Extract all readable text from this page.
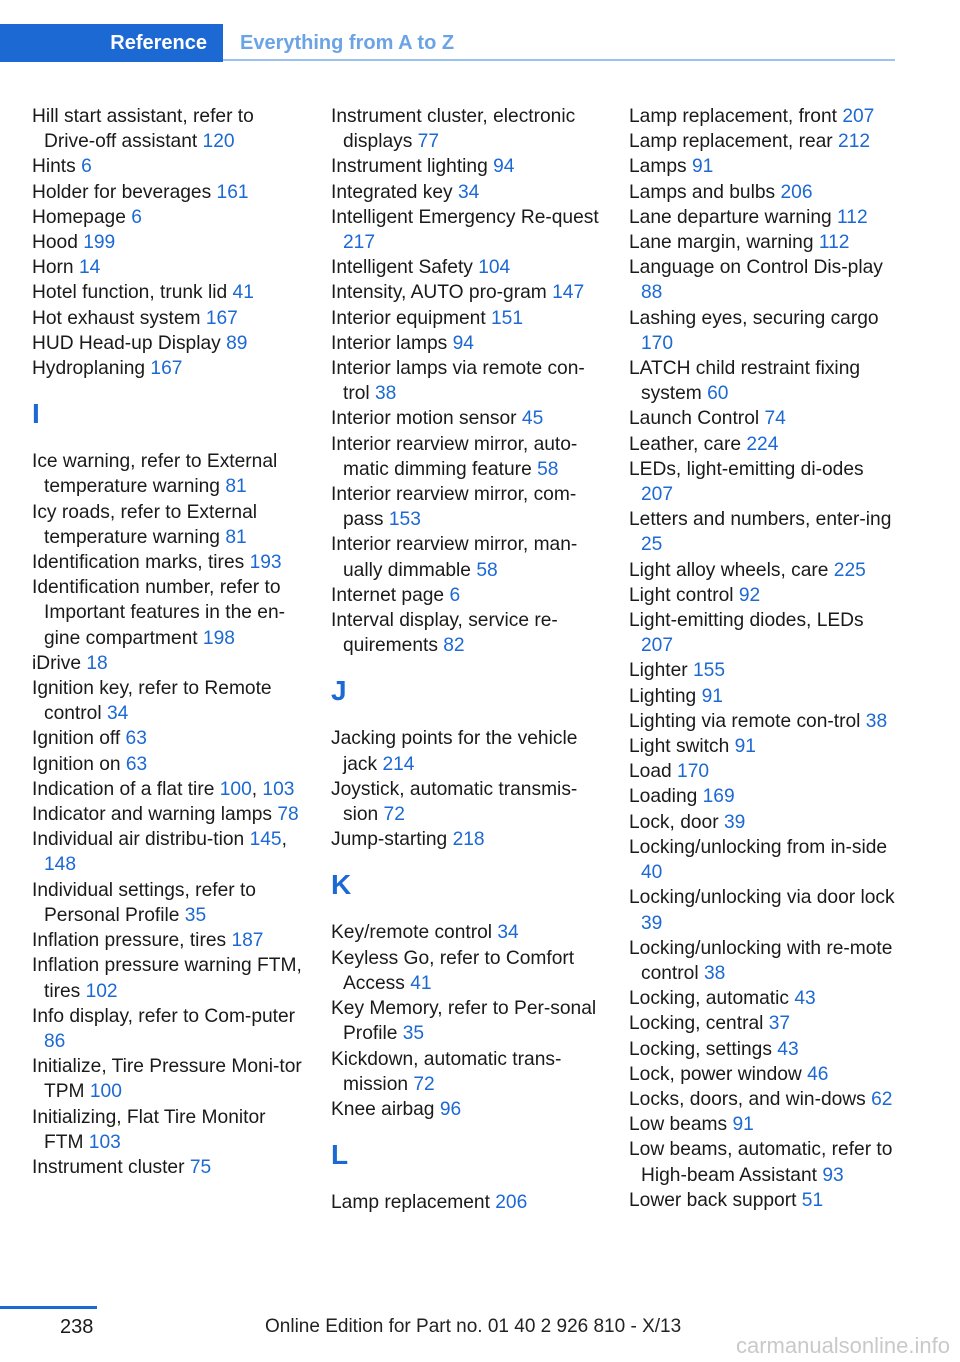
Reference	Everything from A to Z

Hill start assistant, refer to Drive-off assistant 120

Hints 6

Holder for beverages 161

Homepage 6

Hood 199

Horn 14

Hotel function, trunk lid 41

Hot exhaust system 167

HUD Head-up Display 89

Hydroplaning 167

I

Ice warning, refer to External temperature warning 81

Icy roads, refer to External temperature warning 81

Identification marks, tires 193

Identification number, refer to Important features in the en-gine compartment 198

iDrive 18

Ignition key, refer to Remote control 34

Ignition off 63

Ignition on 63

Indication of a flat tire 100, 103

Indicator and warning lamps 78

Individual air distribu-tion 145, 148

Individual settings, refer to Personal Profile 35

Inflation pressure, tires 187

Inflation pressure warning FTM, tires 102

Info display, refer to Com-puter 86

Initialize, Tire Pressure Moni-tor TPM 100

Initializing, Flat Tire Monitor FTM 103

Instrument cluster 75

Instrument cluster, electronic displays 77

Instrument lighting 94

Integrated key 34

Intelligent Emergency Re-quest 217

Intelligent Safety 104

Intensity, AUTO pro-gram 147

Interior equipment 151

Interior lamps 94

Interior lamps via remote con-trol 38

Interior motion sensor 45

Interior rearview mirror, auto-matic dimming feature 58

Interior rearview mirror, com-pass 153

Interior rearview mirror, man-ually dimmable 58

Internet page 6

Interval display, service re-quirements 82

J

Jacking points for the vehicle jack 214

Joystick, automatic transmis-sion 72

Jump-starting 218

K

Key/remote control 34

Keyless Go, refer to Comfort Access 41

Key Memory, refer to Per-sonal Profile 35

Kickdown, automatic trans-mission 72

Knee airbag 96

L

Lamp replacement 206

Lamp replacement, front 207

Lamp replacement, rear 212

Lamps 91

Lamps and bulbs 206

Lane departure warning 112

Lane margin, warning 112

Language on Control Dis-play 88

Lashing eyes, securing cargo 170

LATCH child restraint fixing system 60

Launch Control 74

Leather, care 224

LEDs, light-emitting di-odes 207

Letters and numbers, enter-ing 25

Light alloy wheels, care 225

Light control 92

Light-emitting diodes, LEDs 207

Lighter 155

Lighting 91

Lighting via remote con-trol 38

Light switch 91

Load 170

Loading 169

Lock, door 39

Locking/unlocking from in-side 40

Locking/unlocking via door lock 39

Locking/unlocking with re-mote control 38

Locking, automatic 43

Locking, central 37

Locking, settings 43

Lock, power window 46

Locks, doors, and win-dows 62

Low beams 91

Low beams, automatic, refer to High-beam Assistant 93

Lower back support 51

238	Online Edition for Part no. 01 40 2 926 810 - X/13
carmanualsonline.info
